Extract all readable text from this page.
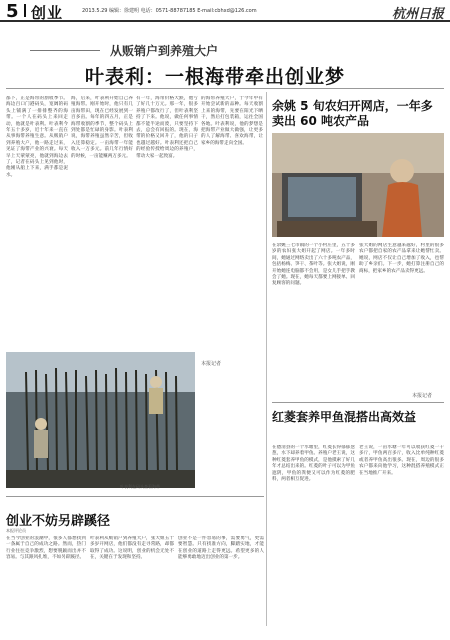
5 创业	2013.5.29 编辑：徐建明 电话：0571-88787185 E-mail:cbhxd@126.com	杭州日报
从贩销户到养殖大户
叶表利：一根海带牵出创业梦
都下，正是海带的割收季节。海边百口门港码头，宽阔的码头上铺满了一排排整齐的海带。一个人在码头上来回走动，他就是叶表利。叶表利今年五十多岁，近十年来一直在从事海带养殖生意。从贩销户到养殖大户，他一路走过来，见证了海带产业的兴衰。每天早上天蒙蒙亮，他就到海边去了，记者在码头上见到他时，他刚从船上下来，满手都是泥水。
海，后来，叶表利开始自己养殖海带。刚开始时，他只有几亩海带田，现在已经发展到一百多亩。每年的四五月，正是海带收割的季节，整个码头上到处都是忙碌的身影。叶表利说，海带养殖虽然辛苦，但收入还算稳定。一亩海带一年能收入一万多元。前几年行情好的时候，一亩能赚两万多元。
有一年，海带价格大跌，他亏了好几十万元。那一年，很多养殖户都改行了，但叶表利坚持了下来。他说，做任何事情都不能半途而废，只要坚持下去，总会有回报的。现在，海带的价格又回升了，他的日子也越过越好。叶表利还把自己的经验传授给周边的养殖户，带动大家一起致富。
的海带养殖大户，于今年中有开始尝试新的品种。每天收割上来的海带，先要在阳光下晒干，然后打包装箱，运往全国各地。叶表利说，他的梦想是把海带产业做大做强，让更多的人了解海带、喜欢海带，让家乡的海带走向全国。
本报记者
叶表利在码头查看海带
余姚 5 旬农妇开网店，一年多卖出 60 吨农产品
在余姚三七市镇的一个小村庄里，五十多岁的农妇张大姐开起了网店。一年多时间，她通过网络卖出了六十多吨农产品，包括杨梅、笋干、茶叶等。张大姐说，刚开始她连电脑都不会用，是女儿手把手教会了她。现在，她每天都要上网接单、回复顾客的问题。
张大姐的网店生意越来越好，村里的很多农户都把自家的农产品拿来让她帮忙卖。她说，网店不仅让自己增加了收入，也帮助了乡亲们。下一步，她打算注册自己的商标，把家乡的农产品卖得更远。
本报记者
红菱套养甲鱼混搭出高效益
在德清县的一个水塘里，红菱长得郁郁葱葱，水下却养着甲鱼。养殖户老王说，这种红菱套养甲鱼的模式，是他摸索了好几年才总结出来的。红菱的叶子可以为甲鱼遮阴，甲鱼的粪便又可以作为红菱的肥料，两者相互促进。
老王说，一亩水塘一年可以收获红菱一千多斤，甲鱼两百多斤，收入比单纯种红菱或者养甲鱼高出很多。现在，周边的很多农户都来向他学习，这种混搭养殖模式正在当地推广开来。
创业不妨另辟蹊径
本报评论员
在当今创业的浪潮中，很多人都想找到一条属于自己的成功之路。然而，热门行业往往竞争激烈，想要脱颖而出并不容易。与其跟风扎堆，不如另辟蹊径。
叶表利从贩销户到养殖大户，张大姐五十多岁开网店，他们都没有走寻常路，却都取得了成功。这说明，创业的机会无处不在，关键在于发现和坚持。
创业不是一件容易的事，需要勇气，更需要智慧。只有找准方向，脚踏实地，才能在创业的道路上走得更远。希望更多的人能够勇敢地迈出创业的第一步。
